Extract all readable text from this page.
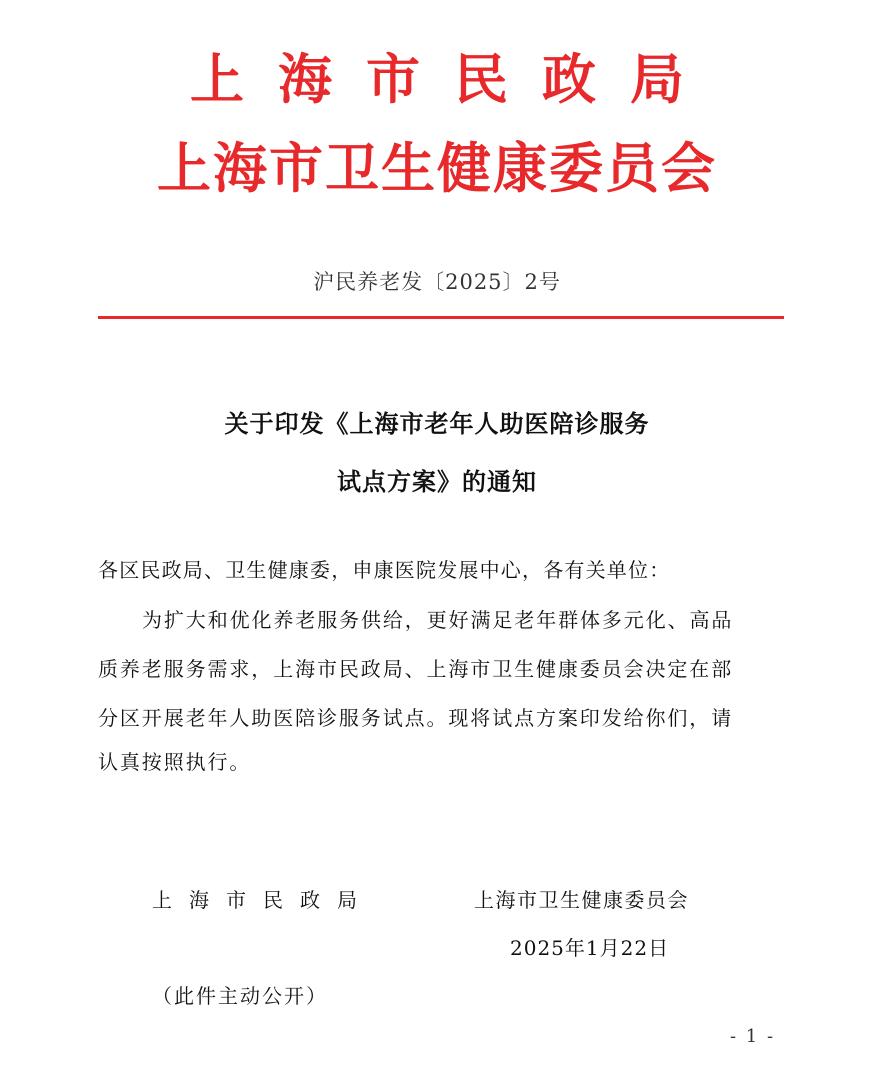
上海市民政局
上海市卫生健康委员会
沪民养老发〔2025〕2号
关于印发《上海市老年人助医陪诊服务
试点方案》的通知
各区民政局、卫生健康委，申康医院发展中心，各有关单位：
为扩大和优化养老服务供给，更好满足老年群体多元化、高品
质养老服务需求，上海市民政局、上海市卫生健康委员会决定在部
分区开展老年人助医陪诊服务试点。现将试点方案印发给你们，请
认真按照执行。
上海市民政局	上海市卫生健康委员会
2025年1月22日
（此件主动公开）
- 1 -
